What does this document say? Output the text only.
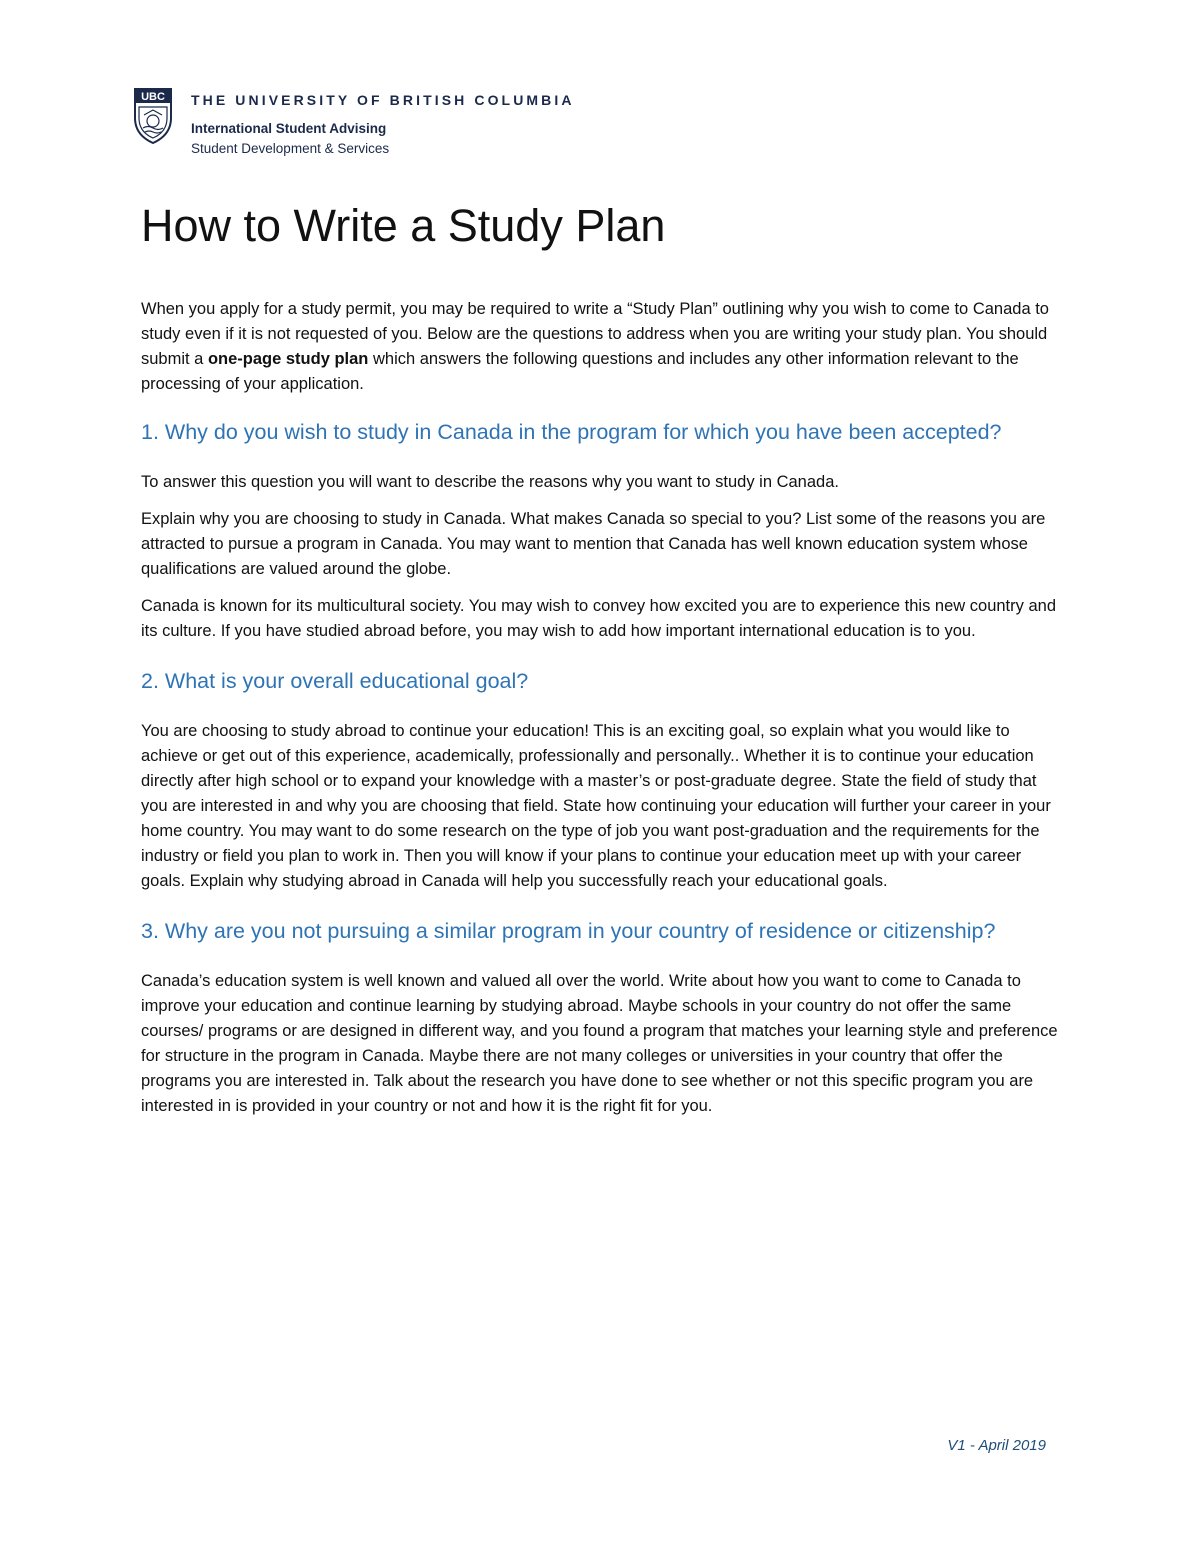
UBC THE UNIVERSITY OF BRITISH COLUMBIA
International Student Advising
Student Development & Services
How to Write a Study Plan

When you apply for a study permit, you may be required to write a “Study Plan” outlining why you wish to come to Canada to study even if it is not requested of you. Below are the questions to address when you are writing your study plan. You should submit a one-page study plan which answers the following questions and includes any other information relevant to the processing of your application.

1. Why do you wish to study in Canada in the program for which you have been accepted?

To answer this question you will want to describe the reasons why you want to study in Canada.

Explain why you are choosing to study in Canada. What makes Canada so special to you? List some of the reasons you are attracted to pursue a program in Canada. You may want to mention that Canada has well known education system whose qualifications are valued around the globe.

Canada is known for its multicultural society. You may wish to convey how excited you are to experience this new country and its culture. If you have studied abroad before, you may wish to add how important international education is to you.

2. What is your overall educational goal?

You are choosing to study abroad to continue your education! This is an exciting goal, so explain what you would like to achieve or get out of this experience, academically, professionally and personally.. Whether it is to continue your education directly after high school or to expand your knowledge with a master’s or post-graduate degree. State the field of study that you are interested in and why you are choosing that field. State how continuing your education will further your career in your home country. You may want to do some research on the type of job you want post-graduation and the requirements for the industry or field you plan to work in. Then you will know if your plans to continue your education meet up with your career goals. Explain why studying abroad in Canada will help you successfully reach your educational goals.

3. Why are you not pursuing a similar program in your country of residence or citizenship?

Canada’s education system is well known and valued all over the world. Write about how you want to come to Canada to improve your education and continue learning by studying abroad. Maybe schools in your country do not offer the same courses/ programs or are designed in different way, and you found a program that matches your learning style and preference for structure in the program in Canada. Maybe there are not many colleges or universities in your country that offer the programs you are interested in. Talk about the research you have done to see whether or not this specific program you are interested in is provided in your country or not and how it is the right fit for you.

V1 - April 2019
